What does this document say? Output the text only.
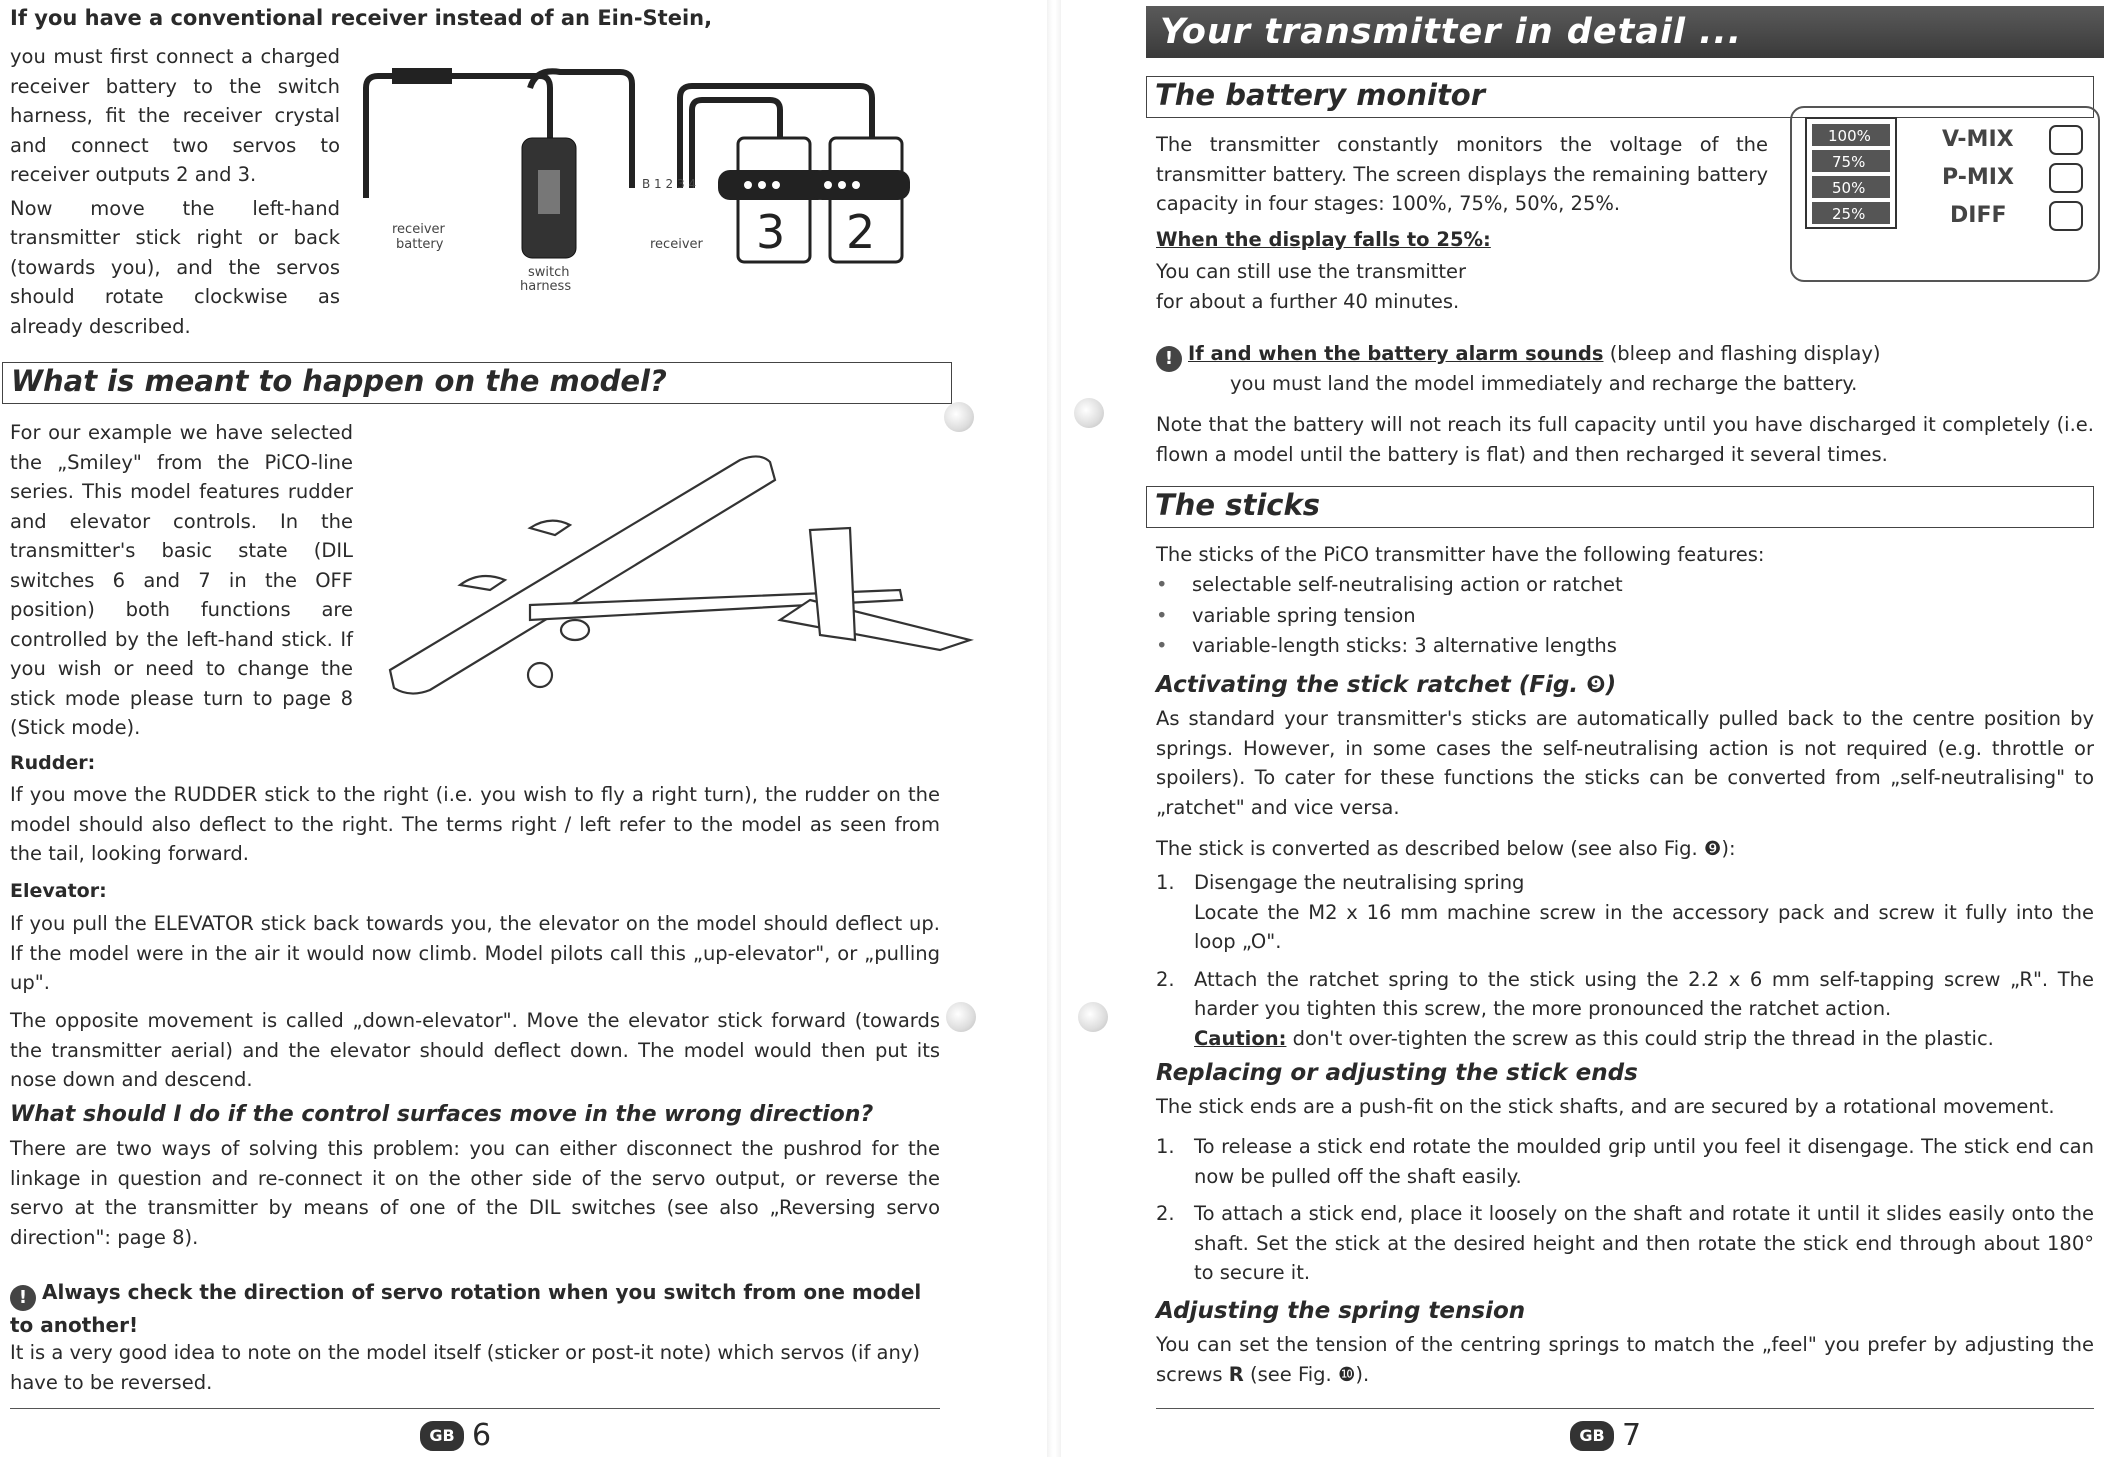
If you have a conventional receiver instead of an Ein-Stein,

you must first connect a charged receiver battery to the switch harness, fit the receiver crystal and connect two servos to receiver outputs 2 and 3.

Now move the left-hand transmitter stick right or back (towards you), and the servos should rotate clockwise as already described.

receiver
battery
switch
harness
B 1 2 3 4
receiver 3 2
What is meant to happen on the model?

For our example we have selected the „Smiley" from the PiCO-line series. This model features rudder and elevator controls. In the transmitter's basic state (DIL switches 6 and 7 in the OFF position) both functions are controlled by the left-hand stick. If you wish or need to change the stick mode please turn to page 8 (Stick mode).

Rudder:

If you move the RUDDER stick to the right (i.e. you wish to fly a right turn), the rudder on the model should also deflect to the right. The terms right / left refer to the model as seen from the tail, looking forward.

Elevator:

If you pull the ELEVATOR stick back towards you, the elevator on the model should deflect up. If the model were in the air it would now climb. Model pilots call this „up-elevator", or „pulling up".

The opposite movement is called „down-elevator". Move the elevator stick forward (towards the transmitter aerial) and the elevator should deflect down. The model would then put its nose down and descend.

What should I do if the control surfaces move in the wrong direction?

There are two ways of solving this problem: you can either disconnect the pushrod for the linkage in question and re-connect it on the other side of the servo output, or reverse the servo at the transmitter by means of one of the DIL switches (see also „Reversing servo direction": page 8).

! Always check the direction of servo rotation when you switch from one model to another!

It is a very good idea to note on the model itself (sticker or post-it note) which servos (if any) have to be reversed.

GB 6
Your transmitter in detail ...
The battery monitor

The transmitter constantly monitors the voltage of the transmitter battery. The screen displays the remaining battery capacity in four stages: 100%, 75%, 50%, 25%.

When the display falls to 25%:

You can still use the transmitter for about a further 40 minutes.

100%
75%
50%
25%
V-MIX
P-MIX
DIFF
! If and when the battery alarm sounds (bleep and flashing display)
you must land the model immediately and recharge the battery.

Note that the battery will not reach its full capacity until you have discharged it completely (i.e. flown a model until the battery is flat) and then recharged it several times.

The sticks

The sticks of the PiCO transmitter have the following features:

• selectable self-neutralising action or ratchet
• variable spring tension
• variable-length sticks: 3 alternative lengths
Activating the stick ratchet (Fig. ❾)

As standard your transmitter's sticks are automatically pulled back to the centre position by springs. However, in some cases the self-neutralising action is not required (e.g. throttle or spoilers). To cater for these functions the sticks can be converted from „self-neutralising" to „ratchet" and vice versa.

The stick is converted as described below (see also Fig. ❾):

1. Disengage the neutralising spring
Locate the M2 x 16 mm machine screw in the accessory pack and screw it fully into the loop „O".
2. Attach the ratchet spring to the stick using the 2.2 x 6 mm self-tapping screw „R". The harder you tighten this screw, the more pronounced the ratchet action.
Caution: don't over-tighten the screw as this could strip the thread in the plastic.
Replacing or adjusting the stick ends

The stick ends are a push-fit on the stick shafts, and are secured by a rotational movement.

1. To release a stick end rotate the moulded grip until you feel it disengage. The stick end can now be pulled off the shaft easily.
2. To attach a stick end, place it loosely on the shaft and rotate it until it slides easily onto the shaft. Set the stick at the desired height and then rotate the stick end through about 180° to secure it.
Adjusting the spring tension

You can set the tension of the centring springs to match the „feel" you prefer by adjusting the screws R (see Fig. ❿).

GB 7
